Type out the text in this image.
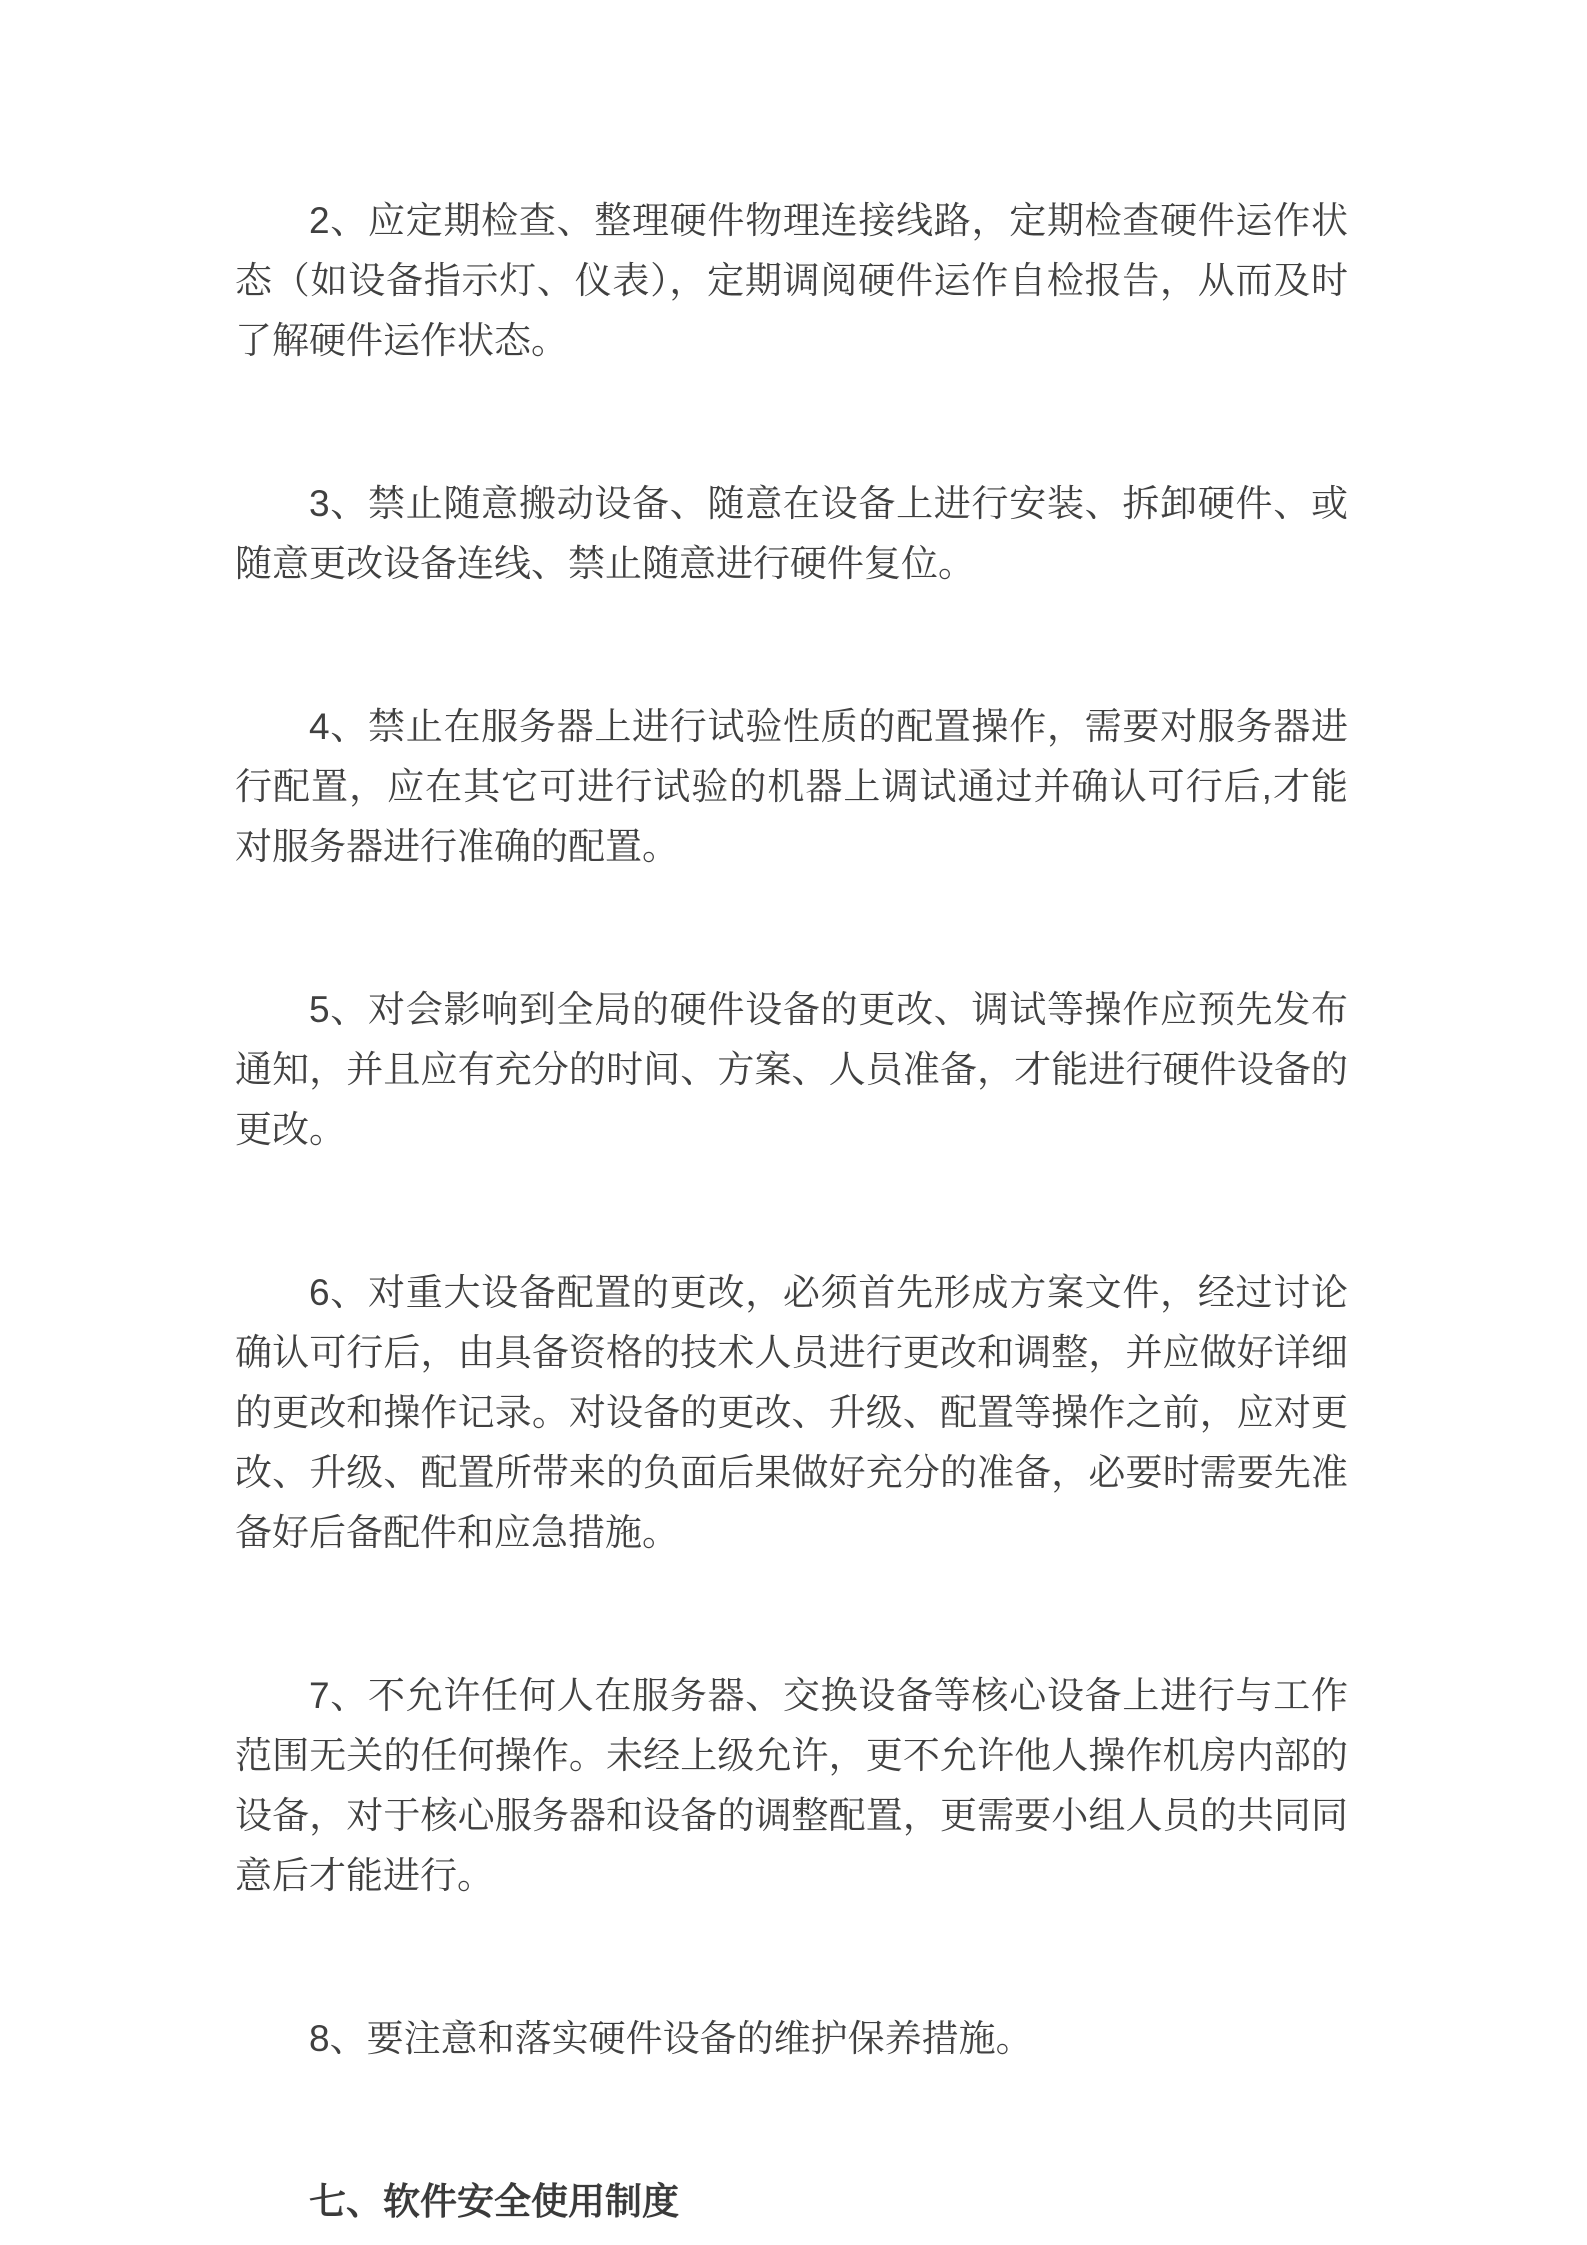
2、应定期检查、整理硬件物理连接线路，定期检查硬件运作状态（如设备指示灯、仪表），定期调阅硬件运作自检报告，从而及时了解硬件运作状态。

3、禁止随意搬动设备、随意在设备上进行安装、拆卸硬件、或随意更改设备连线、禁止随意进行硬件复位。

4、禁止在服务器上进行试验性质的配置操作，需要对服务器进行配置，应在其它可进行试验的机器上调试通过并确认可行后,才能对服务器进行准确的配置。

5、对会影响到全局的硬件设备的更改、调试等操作应预先发布通知，并且应有充分的时间、方案、人员准备，才能进行硬件设备的更改。

6、对重大设备配置的更改，必须首先形成方案文件，经过讨论确认可行后，由具备资格的技术人员进行更改和调整，并应做好详细的更改和操作记录。对设备的更改、升级、配置等操作之前，应对更改、升级、配置所带来的负面后果做好充分的准备，必要时需要先准备好后备配件和应急措施。

7、不允许任何人在服务器、交换设备等核心设备上进行与工作范围无关的任何操作。未经上级允许，更不允许他人操作机房内部的设备，对于核心服务器和设备的调整配置，更需要小组人员的共同同意后才能进行。

8、要注意和落实硬件设备的维护保养措施。

七、软件安全使用制度
